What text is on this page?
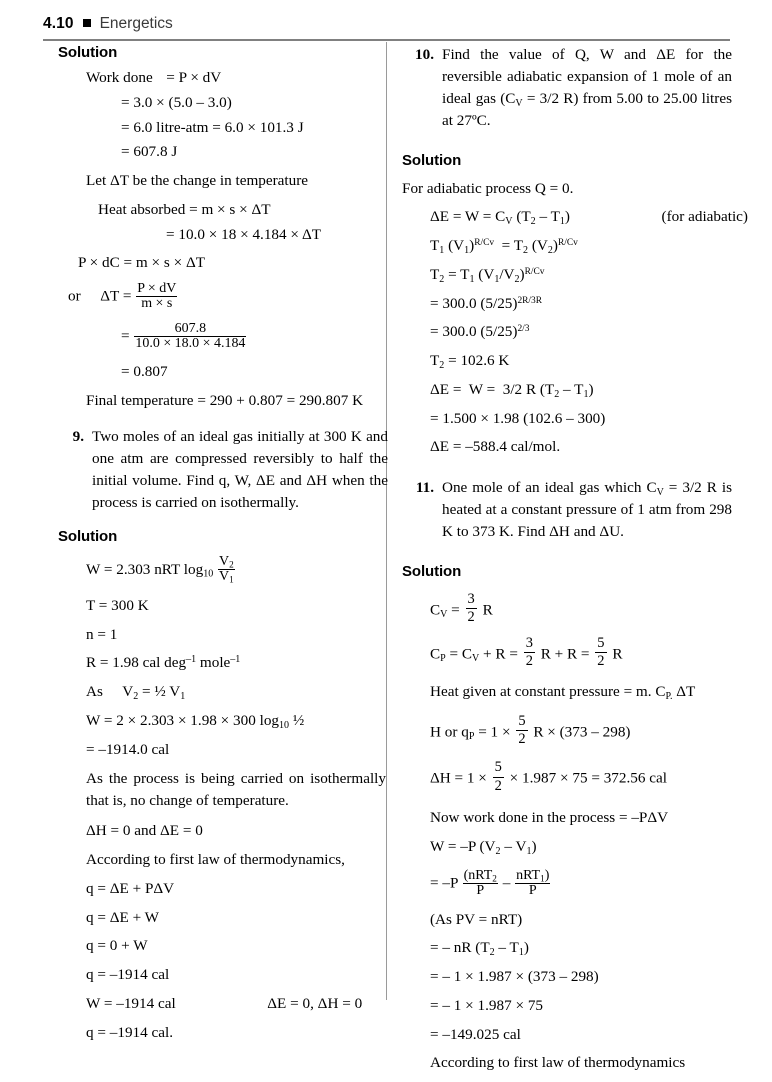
4.10 Energetics
Solution
Work done = P × dV
= 3.0 × (5.0 – 3.0)
= 6.0 litre-atm = 6.0 × 101.3 J
= 607.8 J
Let ΔT be the change in temperature
Heat absorbed = m × s × ΔT
= 10.0 × 18 × 4.184 × ΔT
P × dC = m × s × ΔT
or $\Delta T = \frac{P \times dV}{m \times s}$
= $\frac{607.8}{10.0 \times 18.0 \times 4.184}$
= 0.807
Final temperature = 290 + 0.807 = 290.807 K
9. Two moles of an ideal gas initially at 300 K and one atm are compressed reversibly to half the initial volume. Find q, W, ΔE and ΔH when the process is carried on isothermally.
Solution
W = 2.303 nRT $\log_{10} \frac{V_2}{V_1}$
T = 300 K
n = 1
R = 1.98 cal deg$^{-1}$ mole$^{-1}$
As $V_2$ = ½ $V_1$
W = 2 × 2.303 × 1.98 × 300 $\log_{10}$ ½
= –1914.0 cal
As the process is being carried on isothermally that is, no change of temperature.
ΔH = 0 and ΔE = 0
According to first law of thermodynamics,
q = ΔE + PΔV
q = ΔE + W
q = 0 + W
q = –1914 cal
W = –1914 cal	ΔE = 0, ΔH = 0
q = –1914 cal.
10. Find the value of Q, W and ΔE for the reversible adiabatic expansion of 1 mole of an ideal gas ($C_V = 3/2$ R) from 5.00 to 25.00 litres at 27ºC.
Solution
For adiabatic process Q = 0.
$\Delta E = W = C_V$ $(T_2 - T_1)$	(for adiabatic)
$T_1$ $(V_1)^{R/Cv} = T_2$ $(V_2)^{R/Cv}$
$T_2 = T_1$ $(V_1/V_2)^{R/Cv}$
= 300.0 $(5/25)^{2R/3R}$
= 300.0 $(5/25)^{2/3}$
$T_2 = 102.6$ K
ΔE =  W =  3/2 R $(T_2 - T_1)$
= 1.500 × 1.98 (102.6 – 300)
ΔE = –588.4 cal/mol.
11. One mole of an ideal gas which $C_V = 3/2$ R is heated at a constant pressure of 1 atm from 298 K to 373 K. Find ΔH and ΔU.
Solution
$C_V = \frac{3}{2}$ R
$C_P = C_V + R = \frac{3}{2}$ $R + R = \frac{5}{2}$ R
Heat given at constant pressure = m. $C_{P.}$ ΔT
H or $q_P = 1 \times \frac{5}{2}$ R × (373 – 298)
$\Delta H = 1 \times \frac{5}{2} \times 1.987 \times 75 = 372.56$ cal
Now work done in the process = –PΔV
W = –P $(V_2 - V_1)$
= –P (nRT$_2$
P	– nRT$_1$)
P
(As PV = nRT)
= – nR $(T_2 - T_1)$
= – 1 × 1.987 × (373 – 298)
= – 1 × 1.987 × 75
= –149.025 cal
According to first law of thermodynamics
